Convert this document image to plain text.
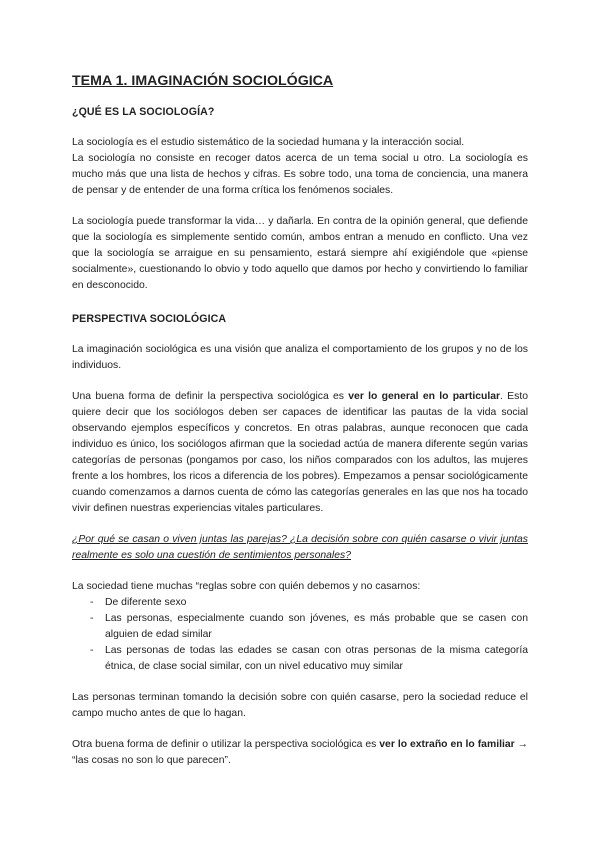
TEMA 1. IMAGINACIÓN SOCIOLÓGICA
¿QUÉ ES LA SOCIOLOGÍA?

La sociología es el estudio sistemático de la sociedad humana y la interacción social.

La sociología no consiste en recoger datos acerca de un tema social u otro. La sociología es mucho más que una lista de hechos y cifras. Es sobre todo, una toma de conciencia, una manera de pensar y de entender de una forma crítica los fenómenos sociales.

La sociología puede transformar la vida… y dañarla. En contra de la opinión general, que defiende que la sociología es simplemente sentido común, ambos entran a menudo en conflicto. Una vez que la sociología se arraigue en su pensamiento, estará siempre ahí exigiéndole que «piense socialmente», cuestionando lo obvio y todo aquello que damos por hecho y convirtiendo lo familiar en desconocido.

PERSPECTIVA SOCIOLÓGICA

La imaginación sociológica es una visión que analiza el comportamiento de los grupos y no de los individuos.

Una buena forma de definir la perspectiva sociológica es ver lo general en lo particular. Esto quiere decir que los sociólogos deben ser capaces de identificar las pautas de la vida social observando ejemplos específicos y concretos. En otras palabras, aunque reconocen que cada individuo es único, los sociólogos afirman que la sociedad actúa de manera diferente según varias categorías de personas (pongamos por caso, los niños comparados con los adultos, las mujeres frente a los hombres, los ricos a diferencia de los pobres). Empezamos a pensar sociológicamente cuando comenzamos a darnos cuenta de cómo las categorías generales en las que nos ha tocado vivir definen nuestras experiencias vitales particulares.

¿Por qué se casan o viven juntas las parejas? ¿La decisión sobre con quién casarse o vivir juntas realmente es solo una cuestión de sentimientos personales?

La sociedad tiene muchas “reglas sobre con quién debemos y no casarnos:

- De diferente sexo
- Las personas, especialmente cuando son jóvenes, es más probable que se casen con alguien de edad similar
- Las personas de todas las edades se casan con otras personas de la misma categoría étnica, de clase social similar, con un nivel educativo muy similar

Las personas terminan tomando la decisión sobre con quién casarse, pero la sociedad reduce el campo mucho antes de que lo hagan.

Otra buena forma de definir o utilizar la perspectiva sociológica es ver lo extraño en lo familiar → “las cosas no son lo que parecen”.
